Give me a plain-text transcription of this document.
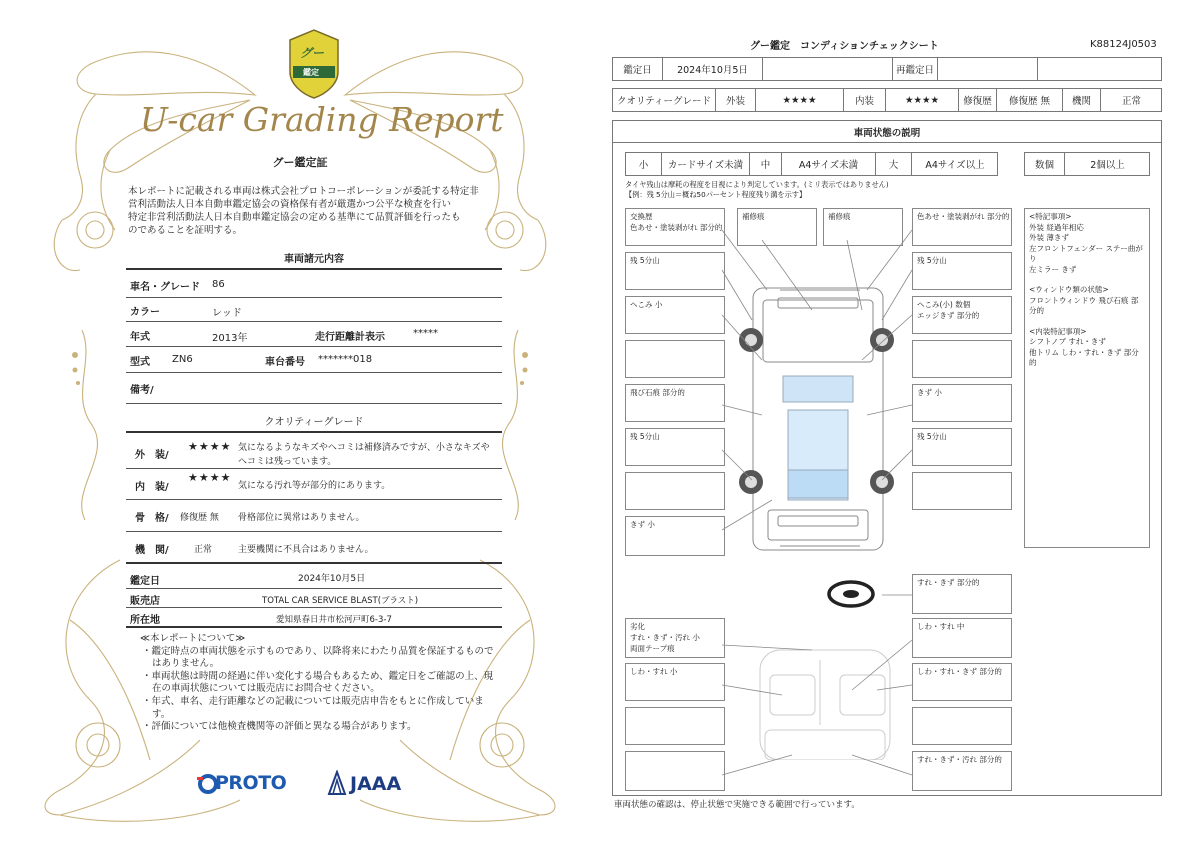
グー
鑑定
U-car Grading Report
グー鑑定証
本レポートに記載される車両は株式会社プロトコーポレーションが委託する特定非
営利活動法人日本自動車鑑定協会の資格保有者が厳選かつ公平な検査を行い
特定非営利活動法人日本自動車鑑定協会の定める基準にて品質評価を行ったも
のであることを証明する。
車両諸元内容
車名・グレード 86
カラー	レッド
年式	2013年	走行距離計表示	*****
型式 ZN6	車台番号 *******018
備考/
クオリティーグレード
外　装/
★★★★ 気になるようなキズやヘコミは補修済みですが、小さなキズや
ヘコミは残っています。
内　装/
★★★★
気になる汚れ等が部分的にあります。
骨　格/ 修復歴 無 骨格部位に異常はありません。
機　関/	正常	主要機関に不具合はありません。
鑑定日	2024年10月5日
販売店	TOTAL CAR SERVICE BLAST(ブラスト)
所在地	愛知県春日井市松河戸町6-3-7
≪本レポートについて≫
・鑑定時点の車両状態を示すものであり、以降将来にわたり品質を保証するものではありません。
・車両状態は時間の経過に伴い変化する場合もあるため、鑑定日をご確認の上、現在の車両状態については販売店にお問合せください。
・年式、車名、走行距離などの記載については販売店申告をもとに作成しています。
・評価については他検査機関等の評価と異なる場合があります。
PROTO	JAAA
グー鑑定　コンディションチェックシート	K88124J0503
鑑定日	2024年10月5日	再鑑定日
クオリティーグレード	外装	★★★★	内装	★★★★	修復歴	修復歴 無	機関	正常
車両状態の説明
小	カードサイズ未満	中	A4サイズ未満	大	A4サイズ以上	数個	2個以上
タイヤ残山は摩耗の程度を目視により判定しています。(ミリ表示ではありません)
【例：残 5分山＝概ね50パーセント程度残り溝を示す】
交換歴
色あせ・塗装剥がれ 部分的
残 5分山
へこみ 小
飛び石痕 部分的
残 5分山
きず 小
劣化
すれ・きず・汚れ 小
両面テープ痕
しわ・すれ 小
補修痕	補修痕	色あせ・塗装剥がれ 部分的
残 5分山
へこみ(小) 数個
エッジきず 部分的
きず 小
残 5分山
すれ・きず 部分的
しわ・すれ 中
しわ・すれ・きず 部分的
すれ・きず・汚れ 部分的
<特記事項>
外装 経過年相応
外装 薄きず
左フロントフェンダー ステー曲がり
左ミラー きず
<ウィンドウ類の状態>
フロントウィンドウ 飛び石痕 部分的
<内装特記事項>
シフトノブ すれ・きず
他トリム しわ・すれ・きず 部分的
車両状態の確認は、停止状態で実施できる範囲で行っています。
